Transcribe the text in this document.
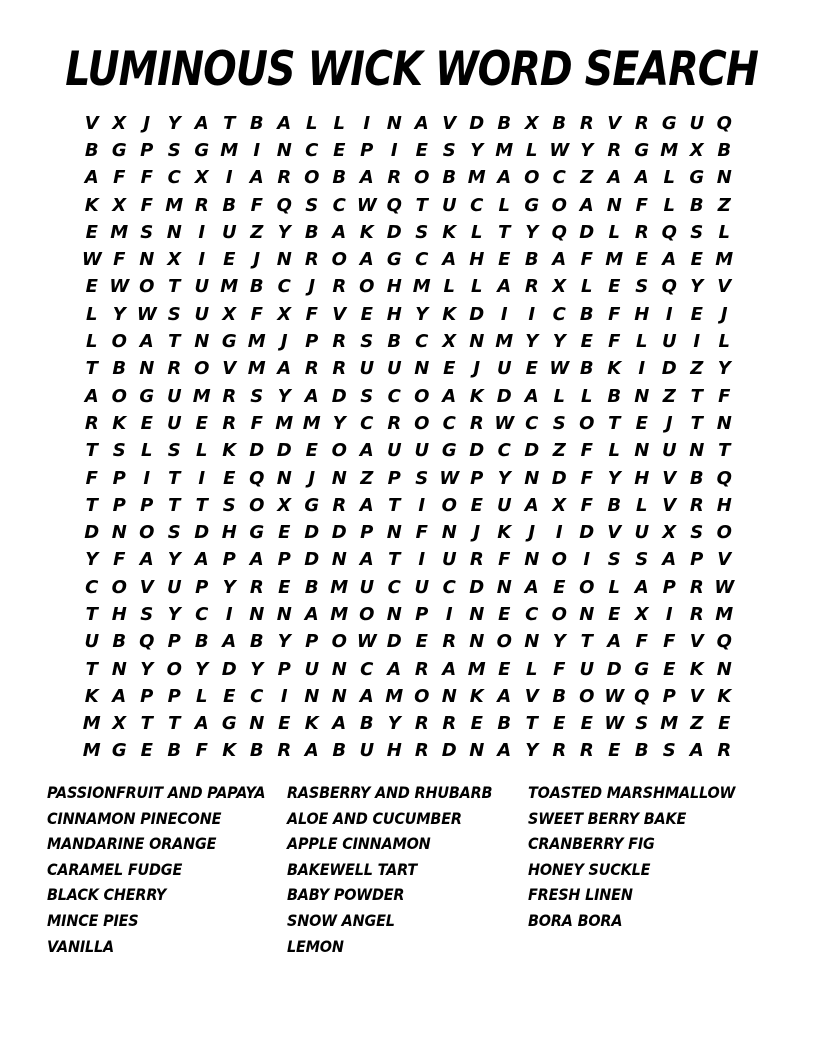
LUMINOUS WICK WORD SEARCH
V X J Y A T B A L L	I N A V D B X B R V R G U Q
B G P S G M I N C E P I	E S Y M L W Y R G M X B
A F F C X I A R O B A R O B M A O C Z A A L G N
K X F M R B F Q S C W Q T U C L G O A N F L B Z
E M S N I U Z Y B A K D S K L T Y Q D L R Q S L
W F N X I	E	J N R O A G C A H E B A F M E A E M
E W O T U M B C J R O H M L L A R X L E S Q Y V
L Y W S U X F X F V E H Y K D I	I C B F H I	E	J
L O A T N G M J P R S B C X N M Y Y E F L U I	L
T B N R O V M A R R U U N E	J U E W B K I D Z Y
A O G U M R S Y A D S C O A K D A L L B N Z T F
R K E U E R F M M Y C R O C R W C S O T E	J	T N
T S L S L K D D E O A U U G D C D Z F L N U N T
F P I	T	I	E Q N J N Z P S W P Y N D F Y H V B Q
T P P T T S O X G R A T	I O E U A X F B L V R H
D N O S D H G E D D P N F N J K J	I D V U X S O
Y F A Y A P A P D N A T	I U R F N O I S S A P V
C O V U P Y R E B M U C U C D N A E O L A P R W
T H S Y C I N N A M O N P I N E C O N E X I R M
U B Q P B A B Y P O W D E R N O N Y T A F F V Q
T N Y O Y D Y P U N C A R A M E L F U D G E K N
K A P P L E C I N N A M O N K A V B O W Q P V K
M X T T A G N E K A B Y R R E B T E E W S M Z E
M G E B F K B R A B U H R D N A Y R R E B S A R
PASSIONFRUIT AND PAPAYA
CINNAMON PINECONE
MANDARINE ORANGE
CARAMEL FUDGE
BLACK CHERRY
MINCE PIES
VANILLA
RASBERRY AND RHUBARB
ALOE AND CUCUMBER
APPLE CINNAMON
BAKEWELL TART
BABY POWDER
SNOW ANGEL
LEMON
TOASTED MARSHMALLOW
SWEET BERRY BAKE
CRANBERRY FIG
HONEY SUCKLE
FRESH LINEN
BORA BORA
